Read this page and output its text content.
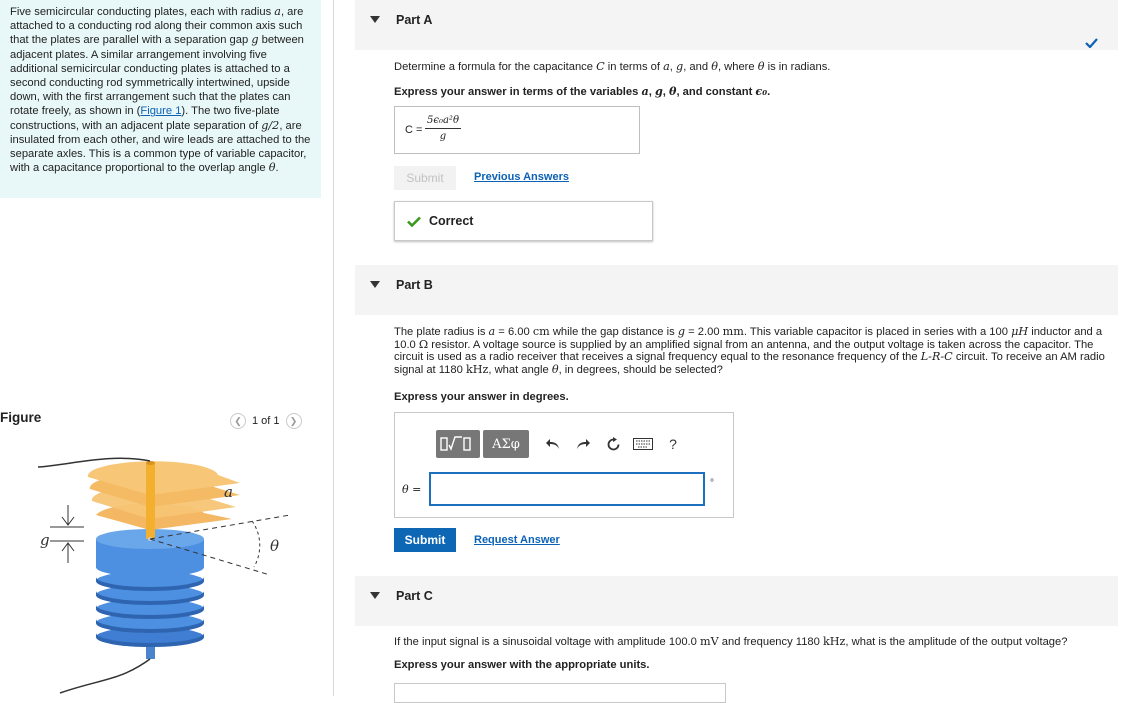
Five semicircular conducting plates, each with radius a, are attached to a conducting rod along their common axis such that the plates are parallel with a separation gap g between adjacent plates. A similar arrangement involving five additional semicircular conducting plates is attached to a second conducting rod symmetrically intertwined, upside down, with the first arrangement such that the plates can rotate freely, as shown in (Figure 1). The two five-plate constructions, with an adjacent plate separation of g/2, are insulated from each other, and wire leads are attached to the separate axles. This is a common type of variable capacitor, with a capacitance proportional to the overlap angle θ.
Figure	❮ 1 of 1 ❯
g
a
θ
Part A
Determine a formula for the capacitance C in terms of a, g, and θ, where θ is in radians.
Express your answer in terms of the variables a, g, θ, and constant ϵ₀.
$C = \frac{\text{5ϵ₀a²θ}}{g}$
Submit	Previous Answers
Correct
Part B
The plate radius is a = 6.00 cm while the gap distance is g = 2.00 mm. This variable capacitor is placed in series with a 100 μH inductor and a 10.0 Ω resistor. A voltage source is supplied by an amplified signal from an antenna, and the output voltage is taken across the capacitor. The circuit is used as a radio receiver that receives a signal frequency equal to the resonance frequency of the L-R-C circuit. To receive an AM radio signal at 1180 kHz, what angle θ, in degrees, should be selected?
Express your answer in degrees.
ΑΣφ	?
θ =	°
Submit	Request Answer
Part C
If the input signal is a sinusoidal voltage with amplitude 100.0 mV and frequency 1180 kHz, what is the amplitude of the output voltage?
Express your answer with the appropriate units.
